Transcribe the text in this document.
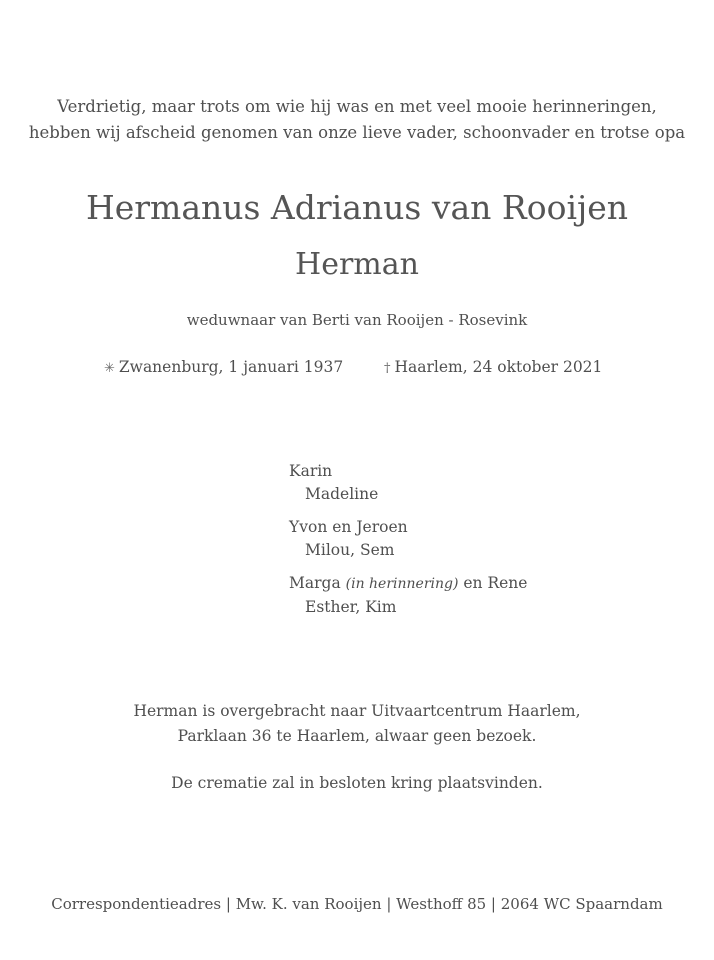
Verdrietig, maar trots om wie hij was en met veel mooie herinneringen,
hebben wij afscheid genomen van onze lieve vader, schoonvader en trotse opa
Hermanus Adrianus van Rooijen
Herman
weduwnaar van Berti van Rooijen - Rosevink
✳ Zwanenburg, 1 januari 1937	† Haarlem, 24 oktober 2021
Karin
Madeline
Yvon en Jeroen
Milou, Sem
Marga (in herinnering) en Rene
Esther, Kim
Herman is overgebracht naar Uitvaartcentrum Haarlem,
Parklaan 36 te Haarlem, alwaar geen bezoek.
De crematie zal in besloten kring plaatsvinden.
Correspondentieadres | Mw. K. van Rooijen | Westhoff 85 | 2064 WC Spaarndam
